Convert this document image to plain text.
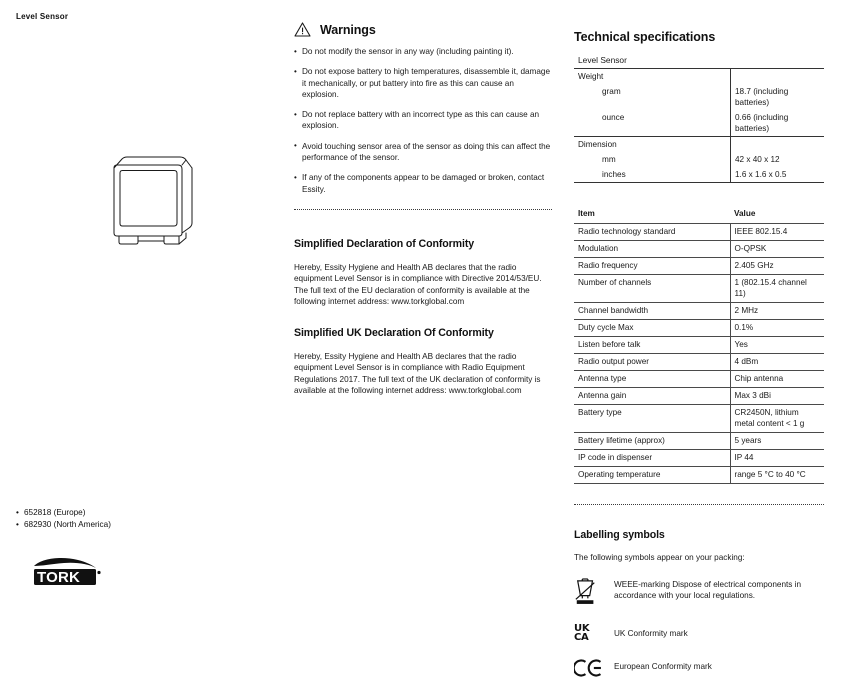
Level Sensor
• 652818 (Europe)
• 682930 (North America)
TORK
Warnings
• Do not modify the sensor in any way (including painting it).
• Do not expose battery to high temperatures, disassemble it, damage it mechanically, or put battery into fire as this can cause an explosion.
• Do not replace battery with an incorrect type as this can cause an explosion.
• Avoid touching sensor area of the sensor as doing this can affect the performance of the sensor.
• If any of the components appear to be damaged or broken, contact Essity.
Simplified Declaration of Conformity
Hereby, Essity Hygiene and Health AB declares that the radio equipment Level Sensor is in compliance with Directive 2014/53/EU. The full text of the EU declaration of conformity is available at the following internet address: www.torkglobal.com
Simplified UK Declaration Of Conformity
Hereby, Essity Hygiene and Health AB declares that the radio equipment Level Sensor is in compliance with Radio Equipment Regulations 2017. The full text of the UK declaration of conformity is available at the following internet address: www.torkglobal.com
Technical specifications
Level Sensor
Weight	
gram	18.7 (including batteries)
ounce	0.66 (including batteries)
Dimension	
mm	42 x 40 x 12
inches	1.6 x 1.6 x 0.5
Item	Value
Radio technology standard	IEEE 802.15.4
Modulation	O-QPSK
Radio frequency	2.405 GHz
Number of channels	1 (802.15.4 channel 11)
Channel bandwidth	2 MHz
Duty cycle Max	0.1%
Listen before talk	Yes
Radio output power	4 dBm
Antenna type	Chip antenna
Antenna gain	Max 3 dBi
Battery type	CR2450N, lithium metal content < 1 g
Battery lifetime (approx)	5 years
IP code in dispenser	IP 44
Operating temperature	range 5 °C to 40 °C
Labelling symbols
The following symbols appear on your packing:
WEEE-marking Dispose of electrical components in accordance with your local regulations.
UK
CA	UK Conformity mark
European Conformity mark
